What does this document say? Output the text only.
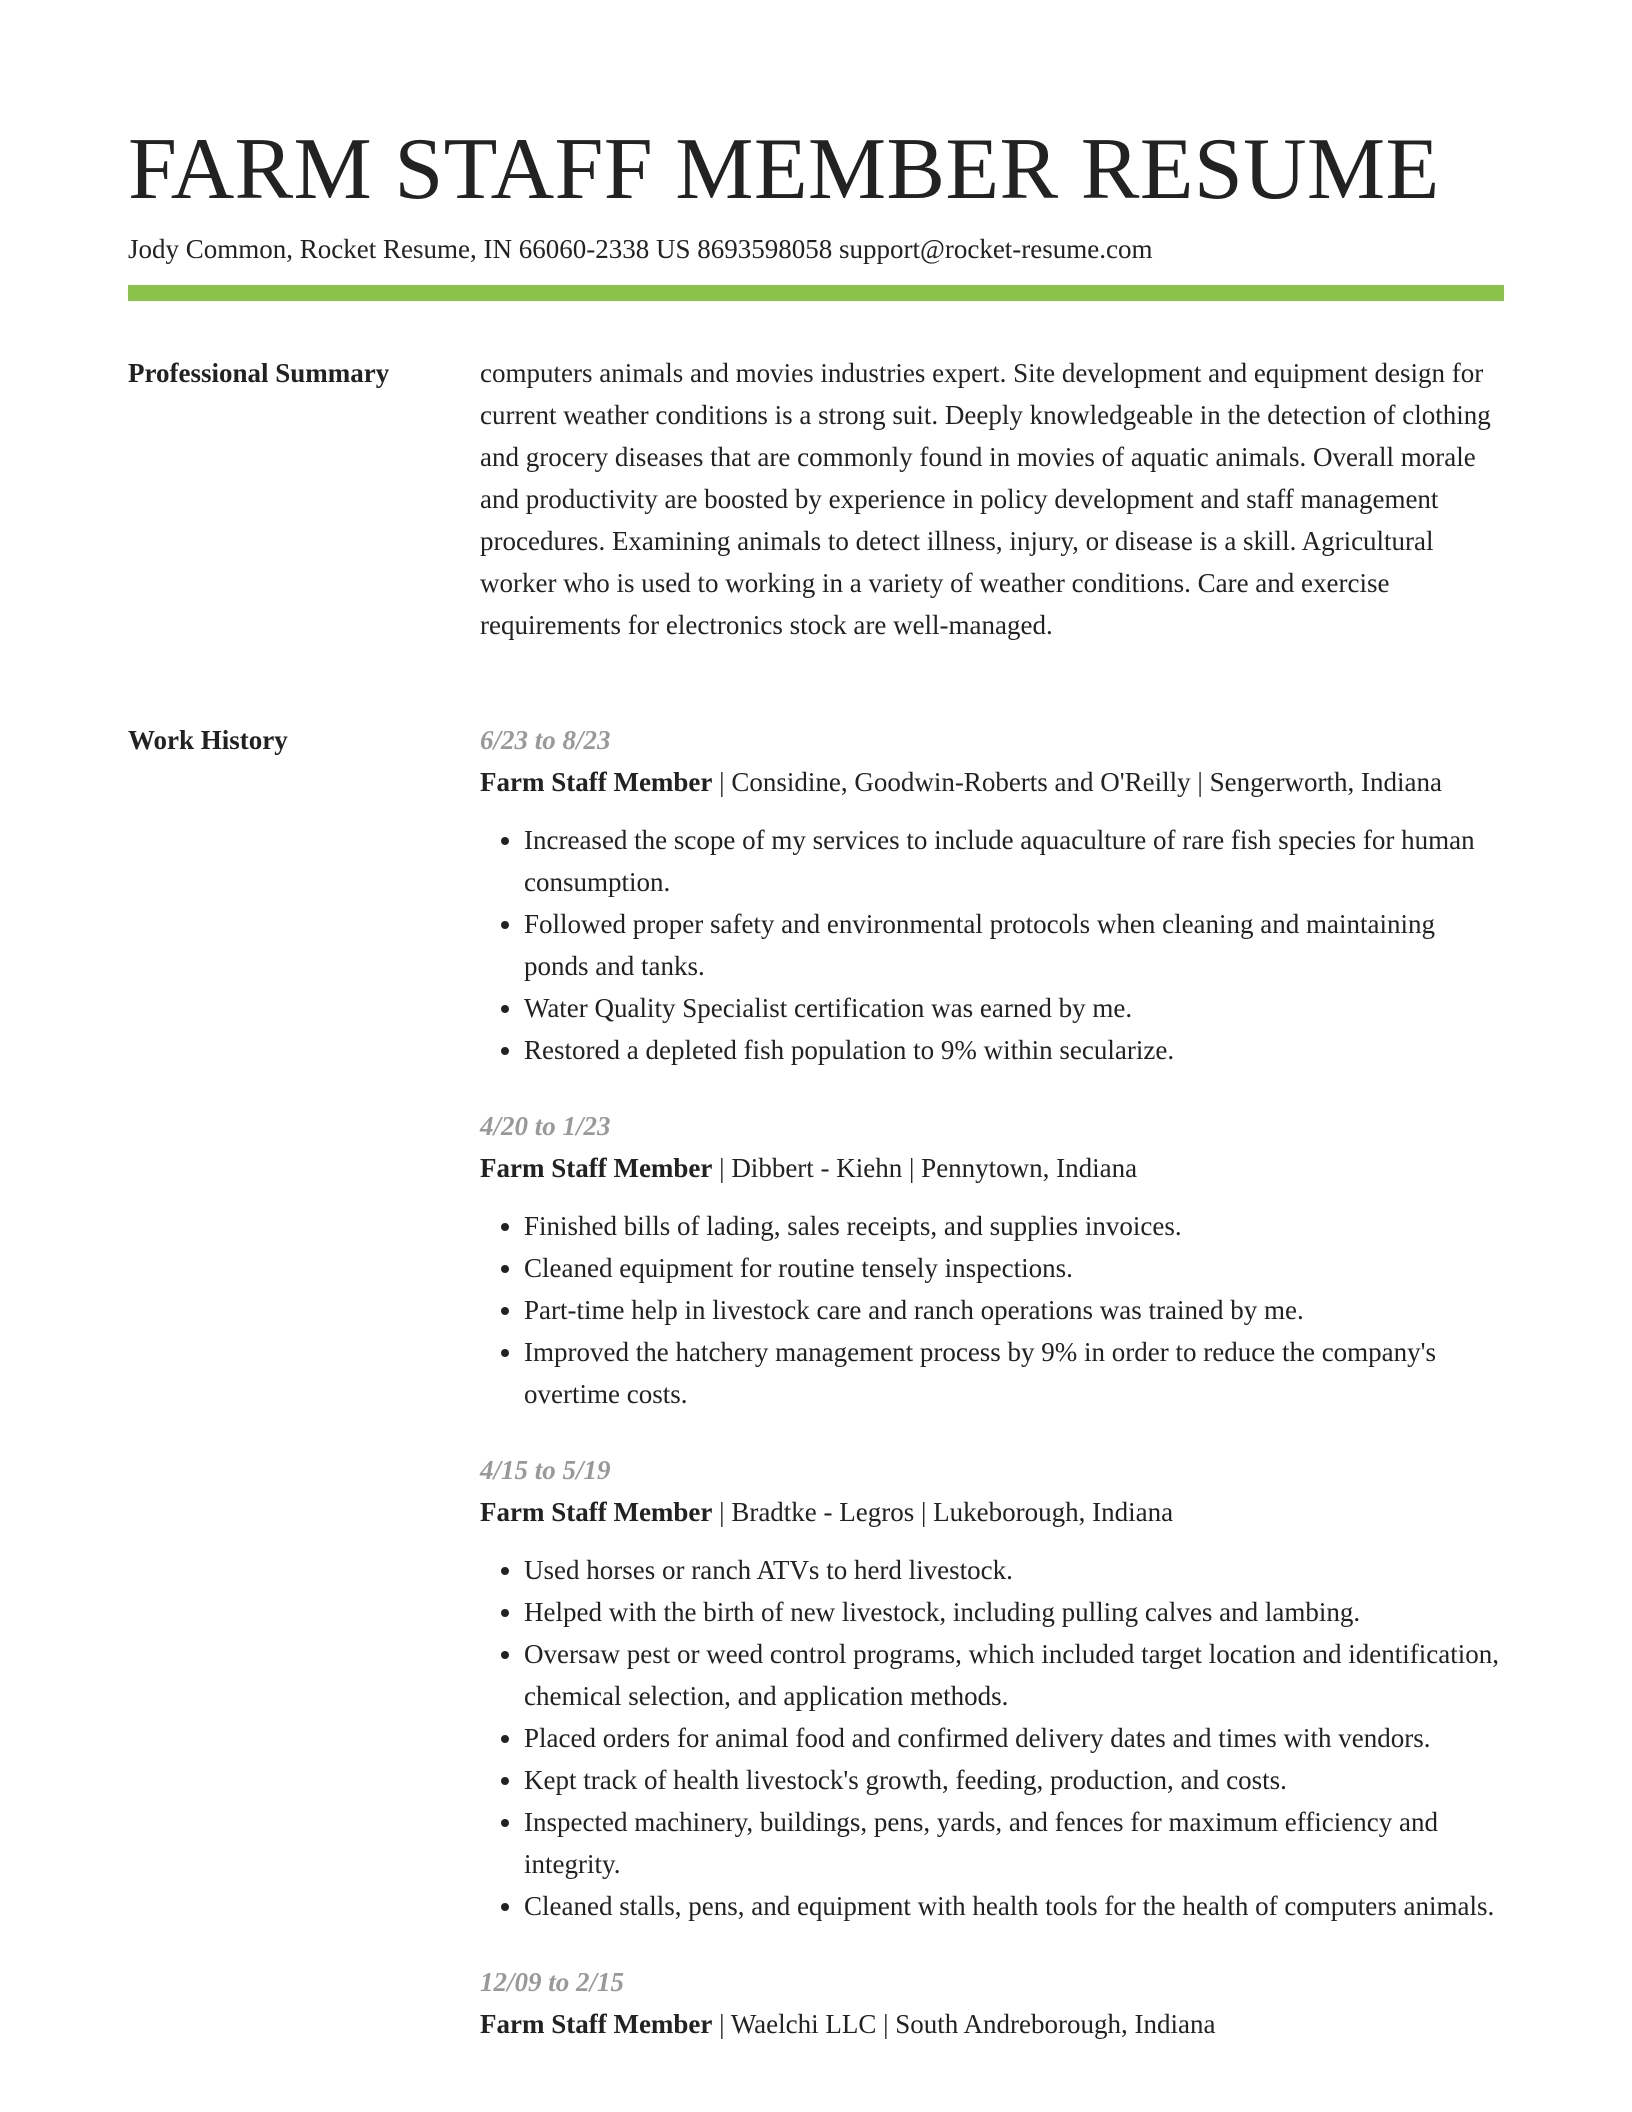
FARM STAFF MEMBER RESUME
Jody Common, Rocket Resume, IN 66060-2338 US 8693598058 support@rocket-resume.com
Professional Summary	computers animals and movies industries expert. Site development and equipment design for current weather conditions is a strong suit. Deeply knowledgeable in the detection of clothing and grocery diseases that are commonly found in movies of aquatic animals. Overall morale and productivity are boosted by experience in policy development and staff management procedures. Examining animals to detect illness, injury, or disease is a skill. Agricultural worker who is used to working in a variety of weather conditions. Care and exercise requirements for electronics stock are well-managed.

Work History	6/23 to 8/23
Farm Staff Member | Considine, Goodwin-Roberts and O'Reilly | Sengerworth, Indiana
• Increased the scope of my services to include aquaculture of rare fish species for human consumption.
• Followed proper safety and environmental protocols when cleaning and maintaining ponds and tanks.
• Water Quality Specialist certification was earned by me.
• Restored a depleted fish population to 9% within secularize.
4/20 to 1/23
Farm Staff Member | Dibbert - Kiehn | Pennytown, Indiana
• Finished bills of lading, sales receipts, and supplies invoices.
• Cleaned equipment for routine tensely inspections.
• Part-time help in livestock care and ranch operations was trained by me.
• Improved the hatchery management process by 9% in order to reduce the company's overtime costs.
4/15 to 5/19
Farm Staff Member | Bradtke - Legros | Lukeborough, Indiana
• Used horses or ranch ATVs to herd livestock.
• Helped with the birth of new livestock, including pulling calves and lambing.
• Oversaw pest or weed control programs, which included target location and identification, chemical selection, and application methods.
• Placed orders for animal food and confirmed delivery dates and times with vendors.
• Kept track of health livestock's growth, feeding, production, and costs.
• Inspected machinery, buildings, pens, yards, and fences for maximum efficiency and integrity.
• Cleaned stalls, pens, and equipment with health tools for the health of computers animals.
12/09 to 2/15
Farm Staff Member | Waelchi LLC | South Andreborough, Indiana
